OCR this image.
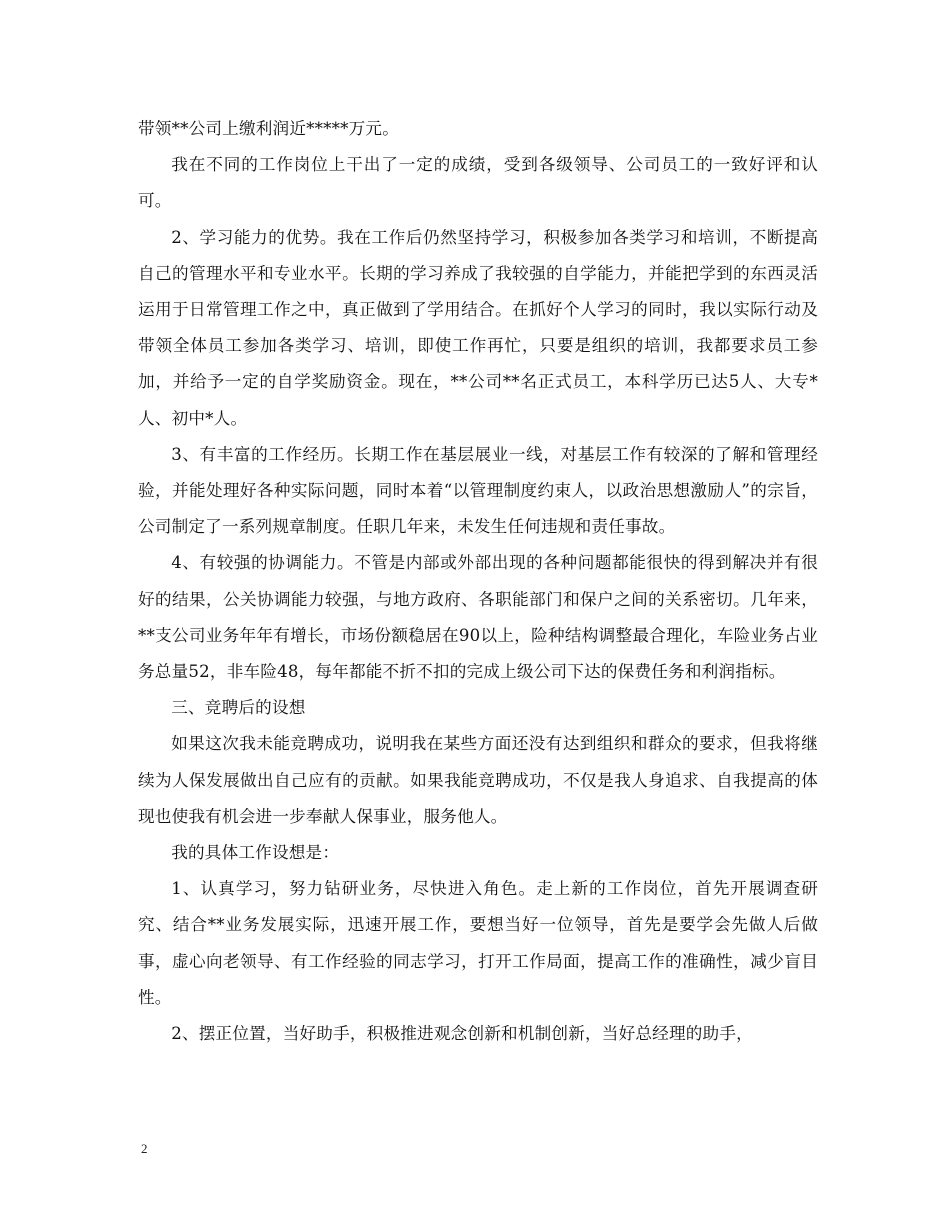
带领**公司上缴利润近*****万元。

我在不同的工作岗位上干出了一定的成绩，受到各级领导、公司员工的一致好评和认可。

2、学习能力的优势。我在工作后仍然坚持学习，积极参加各类学习和培训，不断提高自己的管理水平和专业水平。长期的学习养成了我较强的自学能力，并能把学到的东西灵活运用于日常管理工作之中，真正做到了学用结合。在抓好个人学习的同时，我以实际行动及带领全体员工参加各类学习、培训，即使工作再忙，只要是组织的培训，我都要求员工参加，并给予一定的自学奖励资金。现在，**公司**名正式员工，本科学历已达5人、大专*人、初中*人。

3、有丰富的工作经历。长期工作在基层展业一线，对基层工作有较深的了解和管理经验，并能处理好各种实际问题，同时本着“以管理制度约束人，以政治思想激励人”的宗旨，公司制定了一系列规章制度。任职几年来，未发生任何违规和责任事故。

4、有较强的协调能力。不管是内部或外部出现的各种问题都能很快的得到解决并有很好的结果，公关协调能力较强，与地方政府、各职能部门和保户之间的关系密切。几年来，**支公司业务年年有增长，市场份额稳居在90以上，险种结构调整最合理化，车险业务占业务总量52，非车险48，每年都能不折不扣的完成上级公司下达的保费任务和利润指标。

三、竞聘后的设想

如果这次我未能竞聘成功，说明我在某些方面还没有达到组织和群众的要求，但我将继续为人保发展做出自己应有的贡献。如果我能竞聘成功，不仅是我人身追求、自我提高的体现也使我有机会进一步奉献人保事业，服务他人。

我的具体工作设想是：

1、认真学习，努力钻研业务，尽快进入角色。走上新的工作岗位，首先开展调查研究、结合**业务发展实际，迅速开展工作，要想当好一位领导，首先是要学会先做人后做事，虚心向老领导、有工作经验的同志学习，打开工作局面，提高工作的准确性，减少盲目性。

2、摆正位置，当好助手，积极推进观念创新和机制创新，当好总经理的助手，

2
